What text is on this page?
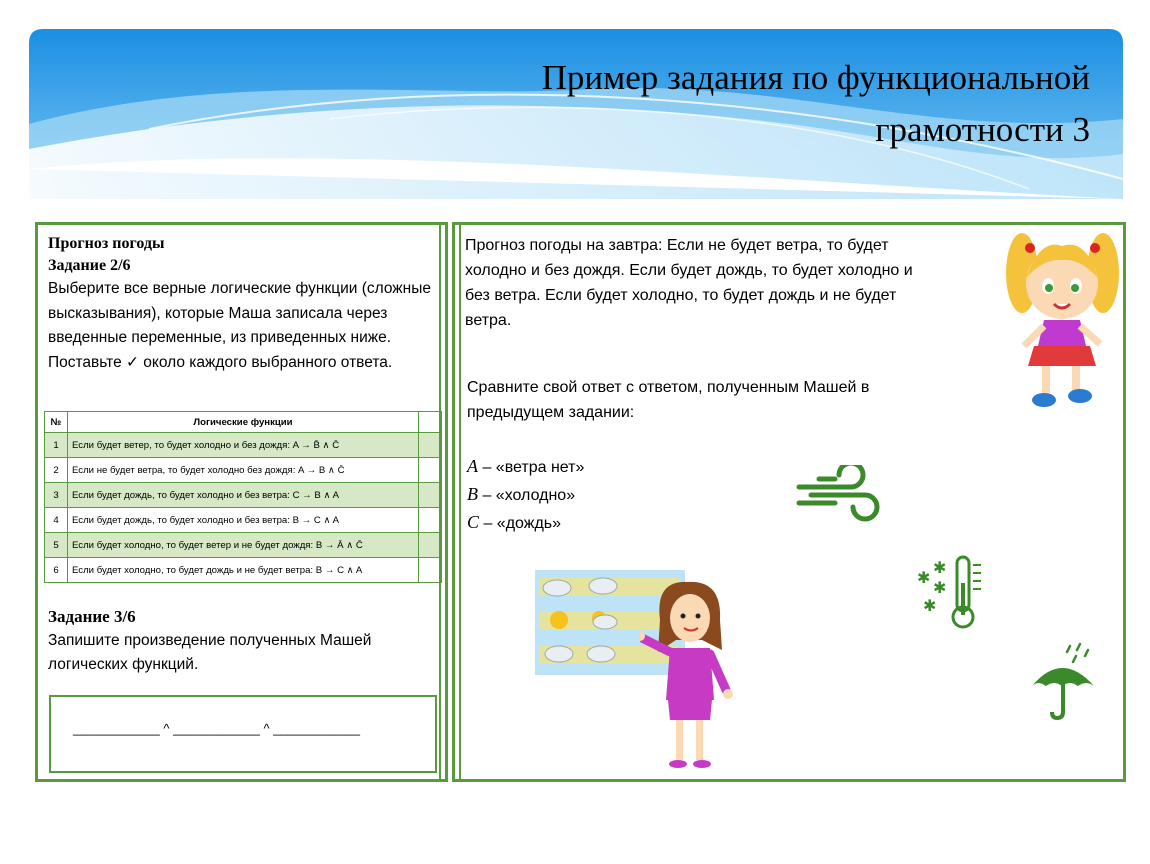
Пример задания по функциональной
грамотности 3
Прогноз погоды
Задание 2/6
Выберите все верные логические функции (сложные высказывания), которые Маша записала через введенные переменные, из приведенных ниже. Поставьте ✓ около каждого выбранного ответа.
№	Логические функции	
1	Если будет ветер, то будет холодно и без дождя: A → B̄ ∧ C̄	
2	Если не будет ветра, то будет холодно без дождя: A → B ∧ C̄	
3	Если будет дождь, то будет холодно и без ветра: C → B ∧ A	
4	Если будет дождь, то будет холодно и без ветра: B → C ∧ A	
5	Если будет холодно, то будет ветер и не будет дождя: B → Ā ∧ C̄	
6	Если будет холодно, то будет дождь и не будет ветра: B → C ∧ A	
Задание 3/6
Запишите произведение полученных Машей логических функций.
____________ ^ ____________ ^ ____________
Прогноз погоды на завтра: Если не будет ветра, то будет холодно и без дождя. Если будет дождь, то будет холодно и без ветра. Если будет холодно, то будет дождь и не будет ветра.
Сравните свой ответ с ответом, полученным Машей в предыдущем задании:
A – «ветра нет»
B – «холодно»
C – «дождь»
✱
✱
✱
✱
